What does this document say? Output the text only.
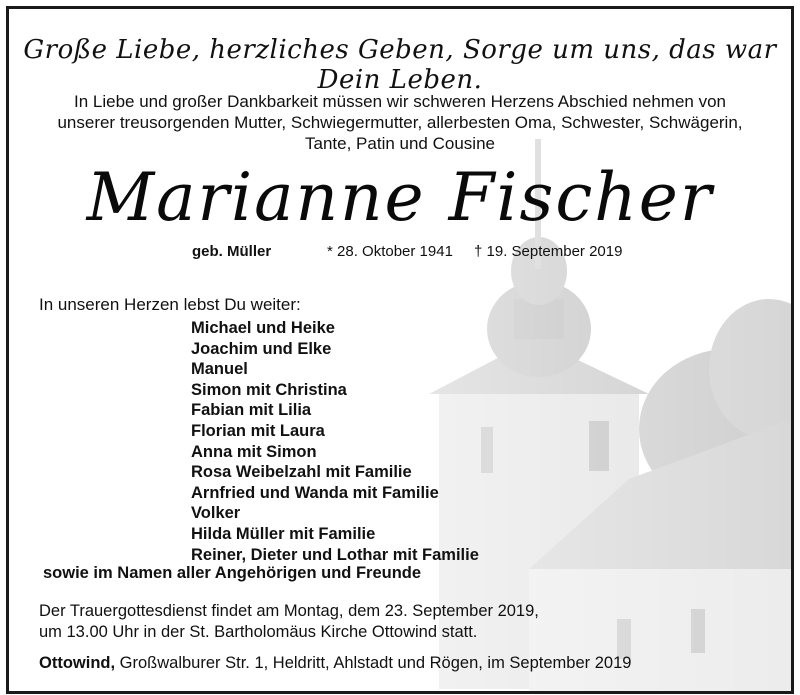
Große Liebe, herzliches Geben, Sorge um uns, das war Dein Leben.
In Liebe und großer Dankbarkeit müssen wir schweren Herzens Abschied nehmen von
unserer treusorgenden Mutter, Schwiegermutter, allerbesten Oma, Schwester, Schwägerin,
Tante, Patin und Cousine
Marianne Fischer
geb. Müller	* 28. Oktober 1941 † 19. September 2019
In unseren Herzen lebst Du weiter:
Michael und Heike
Joachim und Elke
Manuel
Simon mit Christina
Fabian mit Lilia
Florian mit Laura
Anna mit Simon
Rosa Weibelzahl mit Familie
Arnfried und Wanda mit Familie
Volker
Hilda Müller mit Familie
Reiner, Dieter und Lothar mit Familie
sowie im Namen aller Angehörigen und Freunde
Der Trauergottesdienst findet am Montag, dem 23. September 2019,
um 13.00 Uhr in der St. Bartholomäus Kirche Ottowind statt.
Ottowind, Großwalburer Str. 1, Heldritt, Ahlstadt und Rögen, im September 2019
